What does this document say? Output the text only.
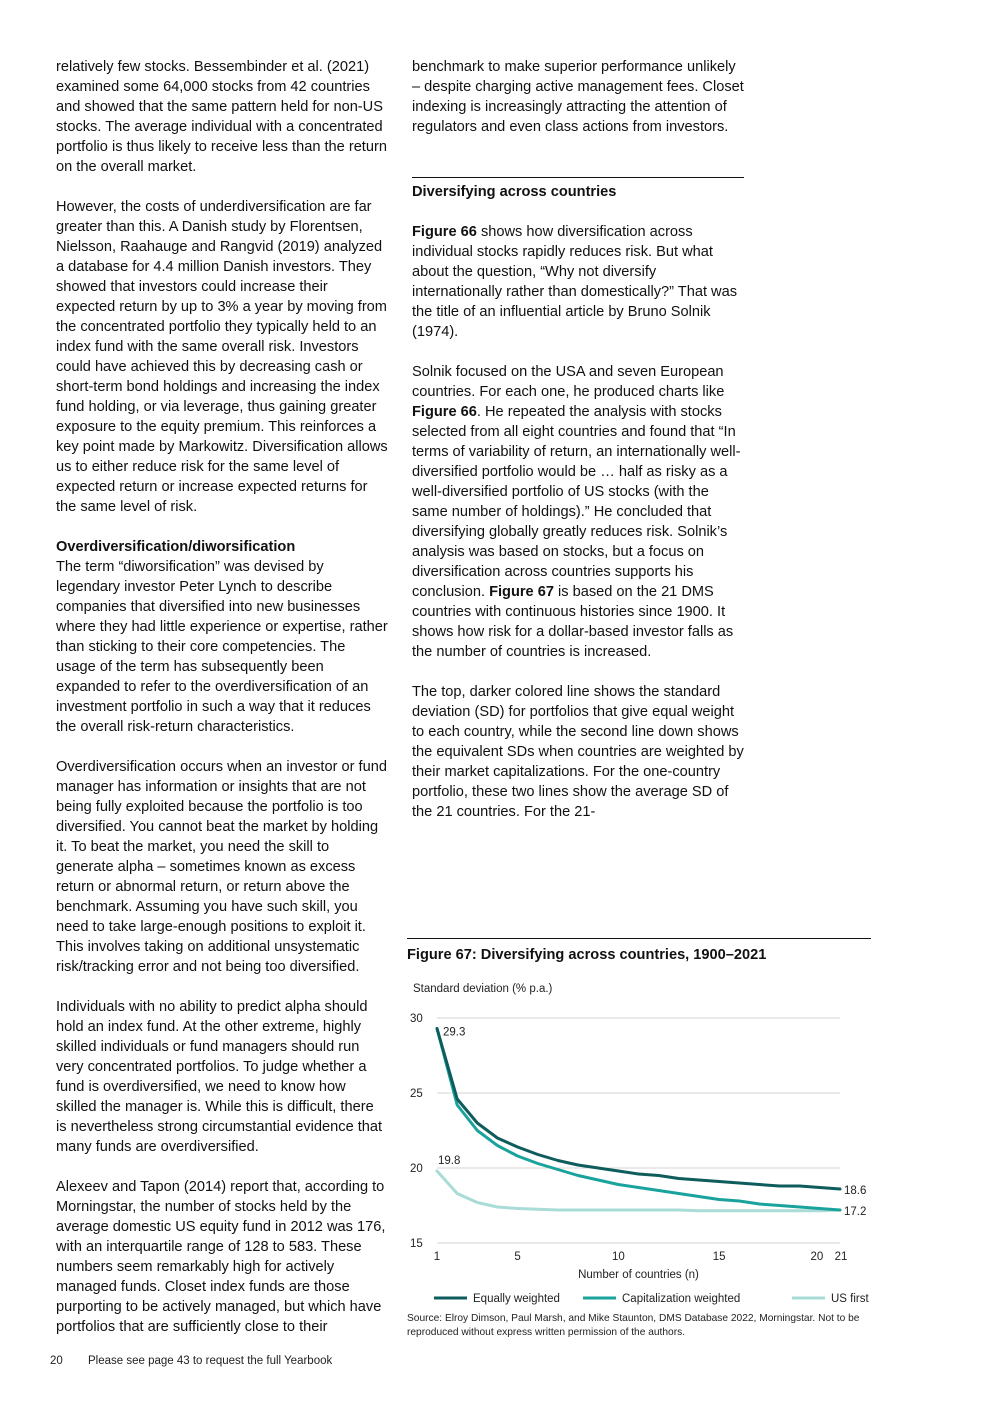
relatively few stocks. Bessembinder et al. (2021) examined some 64,000 stocks from 42 countries and showed that the same pattern held for non-US stocks. The average individual with a concentrated portfolio is thus likely to receive less than the return on the overall market.

However, the costs of underdiversification are far greater than this. A Danish study by Florentsen, Nielsson, Raahauge and Rangvid (2019) analyzed a database for 4.4 million Danish investors. They showed that investors could increase their expected return by up to 3% a year by moving from the concentrated portfolio they typically held to an index fund with the same overall risk. Investors could have achieved this by decreasing cash or short-term bond holdings and increasing the index fund holding, or via leverage, thus gaining greater exposure to the equity premium. This reinforces a key point made by Markowitz. Diversification allows us to either reduce risk for the same level of expected return or increase expected returns for the same level of risk.

Overdiversification/diworsification

The term “diworsification” was devised by legendary investor Peter Lynch to describe companies that diversified into new businesses where they had little experience or expertise, rather than sticking to their core competencies. The usage of the term has subsequently been expanded to refer to the overdiversification of an investment portfolio in such a way that it reduces the overall risk-return characteristics.

Overdiversification occurs when an investor or fund manager has information or insights that are not being fully exploited because the portfolio is too diversified. You cannot beat the market by holding it. To beat the market, you need the skill to generate alpha – sometimes known as excess return or abnormal return, or return above the benchmark. Assuming you have such skill, you need to take large-enough positions to exploit it. This involves taking on additional unsystematic risk/tracking error and not being too diversified.

Individuals with no ability to predict alpha should hold an index fund. At the other extreme, highly skilled individuals or fund managers should run very concentrated portfolios. To judge whether a fund is overdiversified, we need to know how skilled the manager is. While this is difficult, there is nevertheless strong circumstantial evidence that many funds are overdiversified.

Alexeev and Tapon (2014) report that, according to Morningstar, the number of stocks held by the average domestic US equity fund in 2012 was 176, with an interquartile range of 128 to 583. These numbers seem remarkably high for actively managed funds. Closet index funds are those purporting to be actively managed, but which have portfolios that are sufficiently close to their

benchmark to make superior performance unlikely – despite charging active management fees. Closet indexing is increasingly attracting the attention of regulators and even class actions from investors.

Diversifying across countries

Figure 66 shows how diversification across individual stocks rapidly reduces risk. But what about the question, “Why not diversify internationally rather than domestically?” That was the title of an influential article by Bruno Solnik (1974).

Solnik focused on the USA and seven European countries. For each one, he produced charts like Figure 66. He repeated the analysis with stocks selected from all eight countries and found that “In terms of variability of return, an internationally well-diversified portfolio would be … half as risky as a well-diversified portfolio of US stocks (with the same number of holdings).” He concluded that diversifying globally greatly reduces risk. Solnik’s analysis was based on stocks, but a focus on diversification across countries supports his conclusion. Figure 67 is based on the 21 DMS countries with continuous histories since 1900. It shows how risk for a dollar-based investor falls as the number of countries is increased.

The top, darker colored line shows the standard deviation (SD) for portfolios that give equal weight to each country, while the second line down shows the equivalent SDs when countries are weighted by their market capitalizations. For the one-country portfolio, these two lines show the average SD of the 21 countries. For the 21-

Figure 67: Diversifying across countries, 1900–2021
Standard deviation (% p.a.)
15
20
25
30
1	5	10	15	20 21
Number of countries (n)
29.3
19.8
18.6
17.2
Equally weighted	Capitalization weighted	US first
Source: Elroy Dimson, Paul Marsh, and Mike Staunton, DMS Database 2022, Morningstar. Not to be reproduced without express written permission of the authors.
20 Please see page 43 to request the full Yearbook
